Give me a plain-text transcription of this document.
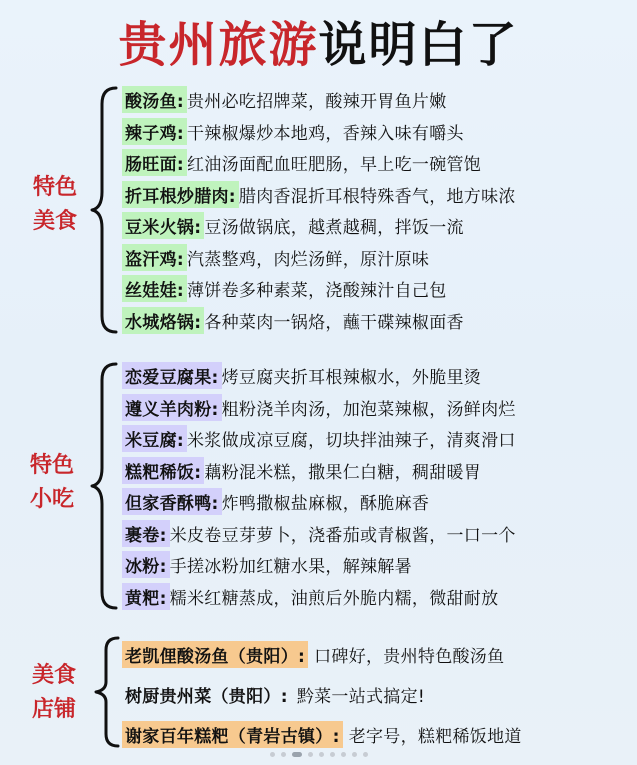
贵州旅游说明白了
特色
美食
酸汤鱼: 贵州必吃招牌菜，酸辣开胃鱼片嫩
辣子鸡: 干辣椒爆炒本地鸡，香辣入味有嚼头
肠旺面: 红油汤面配血旺肥肠，早上吃一碗管饱
折耳根炒腊肉: 腊肉香混折耳根特殊香气，地方味浓
豆米火锅: 豆汤做锅底，越煮越稠，拌饭一流
盗汗鸡: 汽蒸整鸡，肉烂汤鲜，原汁原味
丝娃娃: 薄饼卷多种素菜，浇酸辣汁自己包
水城烙锅: 各种菜肉一锅烙，蘸干碟辣椒面香
特色
小吃
恋爱豆腐果: 烤豆腐夹折耳根辣椒水，外脆里烫
遵义羊肉粉: 粗粉浇羊肉汤，加泡菜辣椒，汤鲜肉烂
米豆腐: 米浆做成凉豆腐，切块拌油辣子，清爽滑口
糕粑稀饭: 藕粉混米糕，撒果仁白糖，稠甜暖胃
但家香酥鸭: 炸鸭撒椒盐麻椒，酥脆麻香
裹卷: 米皮卷豆芽萝卜，浇番茄或青椒酱，一口一个
冰粉: 手搓冰粉加红糖水果，解辣解暑
黄粑: 糯米红糖蒸成，油煎后外脆内糯，微甜耐放
美食
店铺
老凯俚酸汤鱼（贵阳）: 口碑好，贵州特色酸汤鱼
树厨贵州菜（贵阳）: 黔菜一站式搞定!
谢家百年糕粑（青岩古镇）: 老字号，糕粑稀饭地道
